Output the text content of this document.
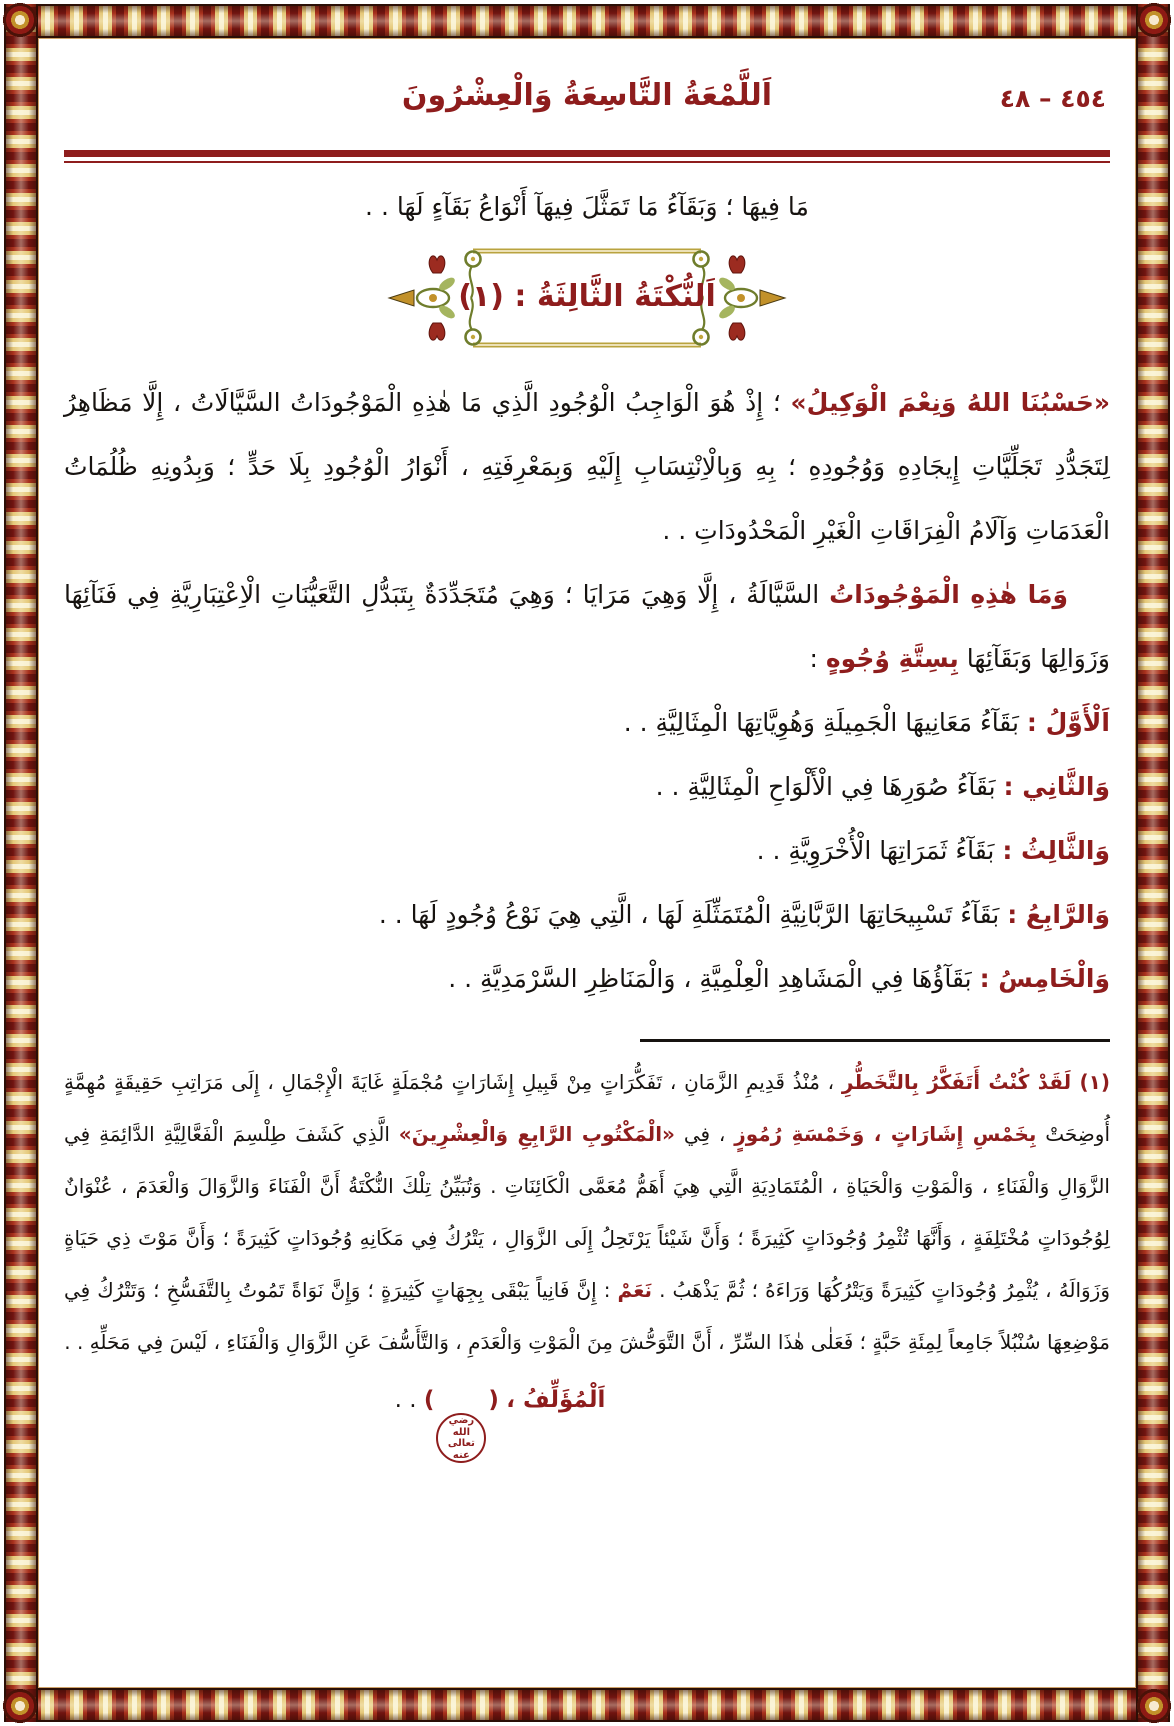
٤٥٤ – ٤٨
اَللَّمْعَةُ التَّاسِعَةُ وَالْعِشْرُونَ

مَا فِيهَا ؛ وَبَقَآءُ مَا تَمَثَّلَ فِيهَآ أَنْوَاعُ بَقَآءٍ لَهَا . .

اَلنُّكْتَةُ الثَّالِثَةُ : (١)

«حَسْبُنَا اللهُ وَنِعْمَ الْوَكِيلُ» ؛ إِذْ هُوَ الْوَاجِبُ الْوُجُودِ الَّذِي مَا هٰذِهِ الْمَوْجُودَاتُ السَّيَّالَاتُ ، إِلَّا مَظَاهِرُ لِتَجَدُّدِ تَجَلِّيَّاتِ إِيجَادِهِ وَوُجُودِهِ ؛ بِهِ وَبِالْاِنْتِسَابِ إِلَيْهِ وَبِمَعْرِفَتِهِ ، أَنْوَارُ الْوُجُودِ بِلَا حَدٍّ ؛ وَبِدُونِهِ ظُلُمَاتُ الْعَدَمَاتِ وَآلَامُ الْفِرَاقَاتِ الْغَيْرِ الْمَحْدُودَاتِ . .

وَمَا هٰذِهِ الْمَوْجُودَاتُ السَّيَّالَةُ ، إِلَّا وَهِيَ مَرَايَا ؛ وَهِيَ مُتَجَدِّدَةٌ بِتَبَدُّلِ التَّعَيُّنَاتِ الْاِعْتِبَارِيَّةِ فِي فَنَآئِهَا وَزَوَالِهَا وَبَقَآئِهَا بِسِتَّةِ وُجُوهٍ :

اَلْأَوَّلُ : بَقَآءُ مَعَانِيهَا الْجَمِيلَةِ وَهُوِيَّاتِهَا الْمِثَالِيَّةِ . .

وَالثَّانِي : بَقَآءُ صُوَرِهَا فِي الْأَلْوَاحِ الْمِثَالِيَّةِ . .

وَالثَّالِثُ : بَقَآءُ ثَمَرَاتِهَا الْأُخْرَوِيَّةِ . .

وَالرَّابِعُ : بَقَآءُ تَسْبِيحَاتِهَا الرَّبَّانِيَّةِ الْمُتَمَثِّلَةِ لَهَا ، الَّتِي هِيَ نَوْعُ وُجُودٍ لَهَا . .

وَالْخَامِسُ : بَقَآؤُهَا فِي الْمَشَاهِدِ الْعِلْمِيَّةِ ، وَالْمَنَاظِرِ السَّرْمَدِيَّةِ . .

(١) لَقَدْ كُنْتُ أَتَفَكَّرُ بِالتَّخَطُّرِ ، مُنْذُ قَدِيمِ الزَّمَانِ ، تَفَكُّرَاتٍ مِنْ قَبِيلِ إِشَارَاتٍ مُجْمَلَةٍ غَايَةَ الْإِجْمَالِ ، إِلَى مَرَاتِبِ حَقِيقَةٍ مُهِمَّةٍ أُوضِحَتْ بِخَمْسِ إِشَارَاتٍ ، وَخَمْسَةِ رُمُوزٍ ، فِي «الْمَكْتُوبِ الرَّابِعِ وَالْعِشْرِينَ» الَّذِي كَشَفَ طِلْسِمَ الْفَعَّالِيَّةِ الدَّائِمَةِ فِي الزَّوَالِ وَالْفَنَاءِ ، وَالْمَوْتِ وَالْحَيَاةِ ، الْمُتَمَادِيَةِ الَّتِي هِيَ أَهَمُّ مُعَمَّى الْكَائِنَاتِ . وَتُبَيِّنُ تِلْكَ النُّكْتَةُ أَنَّ الْفَنَاءَ وَالزَّوَالَ وَالْعَدَمَ ، عُنْوَانٌ لِوُجُودَاتٍ مُخْتَلِفَةٍ ، وَأَنَّهَا تُثْمِرُ وُجُودَاتٍ كَثِيرَةً ؛ وَأَنَّ شَيْئاً يَرْتَحِلُ إِلَى الزَّوَالِ ، يَتْرُكُ فِي مَكَانِهِ وُجُودَاتٍ كَثِيرَةً ؛ وَأَنَّ مَوْتَ ذِي حَيَاةٍ وَزَوَالَهُ ، يُثْمِرُ وُجُودَاتٍ كَثِيرَةً وَيَتْرُكُهَا وَرَاءَهُ ؛ ثُمَّ يَذْهَبُ . نَعَمْ : إِنَّ فَانِياً يَبْقَى بِجِهَاتٍ كَثِيرَةٍ ؛ وَإِنَّ نَوَاةً تَمُوتُ بِالتَّفَسُّخِ ؛ وَتَتْرُكُ فِي مَوْضِعِهَا سُنْبُلاً جَامِعاً لِمِئَةِ حَبَّةٍ ؛ فَعَلٰى هٰذَا السِّرِّ ، أَنَّ التَّوَحُّشَ مِنَ الْمَوْتِ وَالْعَدَمِ ، وَالتَّأَسُّفَ عَنِ الزَّوَالِ وَالْفَنَاءِ ، لَيْسَ فِي مَحَلِّهِ . .
اَلْمُؤَلِّفُ ، (
رضي الله
تعالى عنه
) . .
